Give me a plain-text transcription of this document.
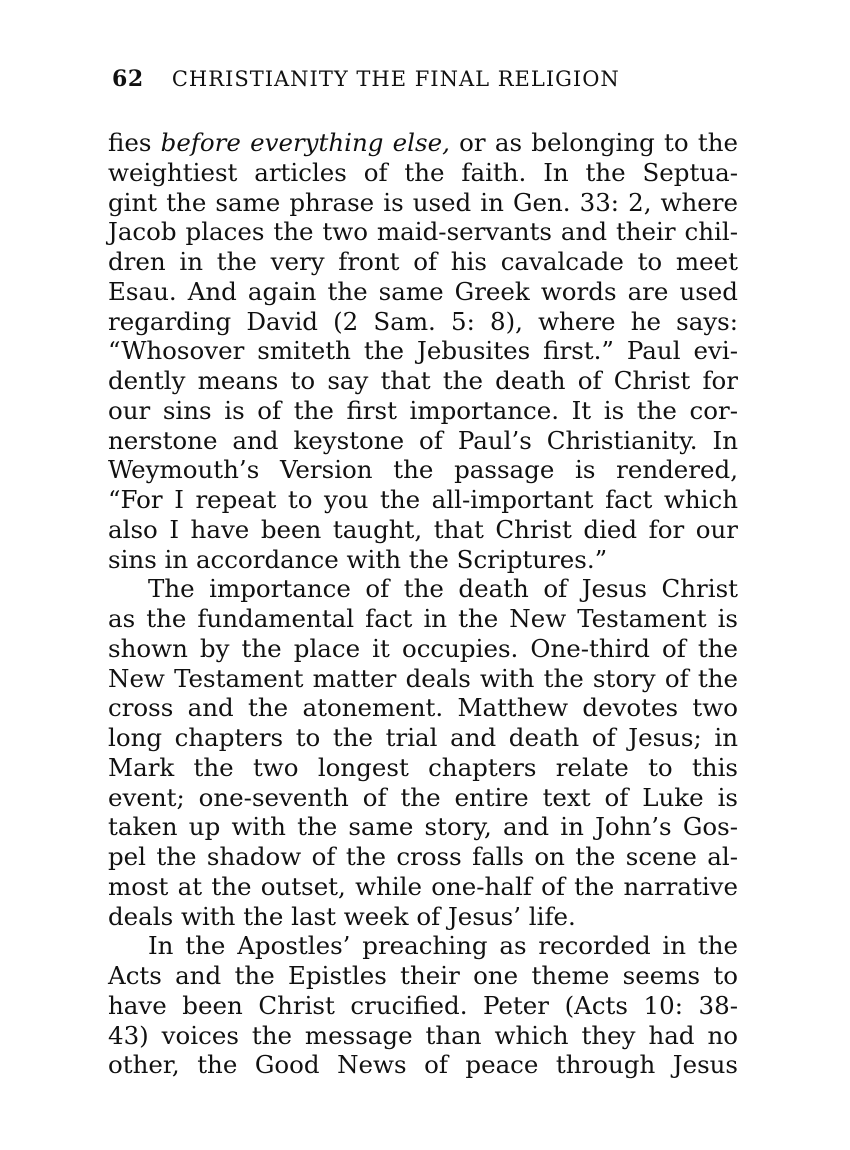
62 CHRISTIANITY THE FINAL RELIGION
fies before everything else, or as belonging to the
weightiest articles of the faith. In the Septua-
gint the same phrase is used in Gen. 33: 2, where
Jacob places the two maid-servants and their chil-
dren in the very front of his cavalcade to meet
Esau. And again the same Greek words are used
regarding David (2 Sam. 5: 8), where he says:
“Whosover smiteth the Jebusites first.” Paul evi-
dently means to say that the death of Christ for
our sins is of the first importance. It is the cor-
nerstone and keystone of Paul’s Christianity. In
Weymouth’s Version the passage is rendered,
“For I repeat to you the all-important fact which
also I have been taught, that Christ died for our
sins in accordance with the Scriptures.”
The importance of the death of Jesus Christ
as the fundamental fact in the New Testament is
shown by the place it occupies. One-third of the
New Testament matter deals with the story of the
cross and the atonement. Matthew devotes two
long chapters to the trial and death of Jesus; in
Mark the two longest chapters relate to this
event; one-seventh of the entire text of Luke is
taken up with the same story, and in John’s Gos-
pel the shadow of the cross falls on the scene al-
most at the outset, while one-half of the narrative
deals with the last week of Jesus’ life.
In the Apostles’ preaching as recorded in the
Acts and the Epistles their one theme seems to
have been Christ crucified. Peter (Acts 10: 38-
43) voices the message than which they had no
other, the Good News of peace through Jesus
